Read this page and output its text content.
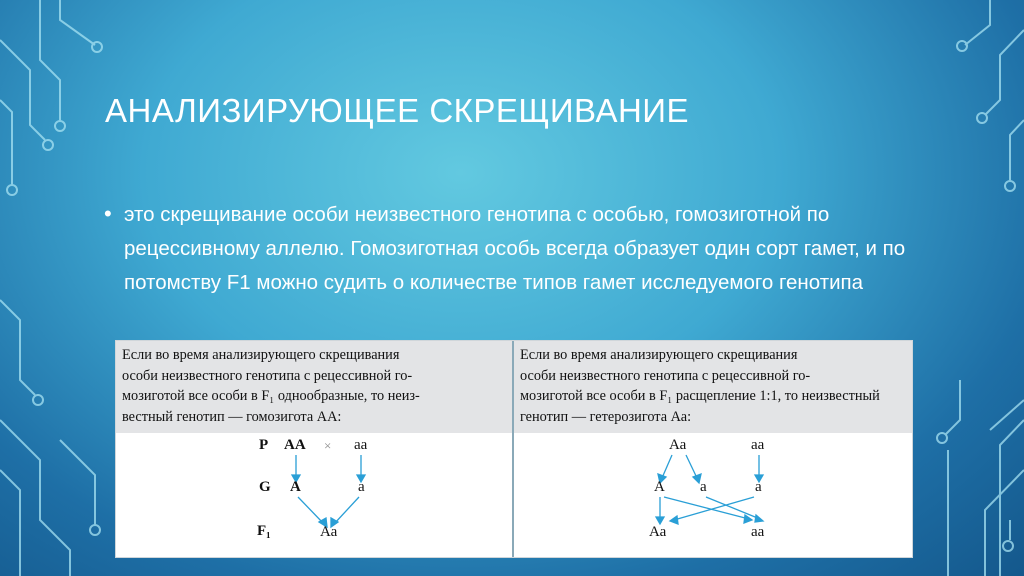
АНАЛИЗИРУЮЩЕЕ СКРЕЩИВАНИЕ
• это скрещивание особи неизвестного генотипа с особью, гомозиготной по рецессивному аллелю. Гомозиготная особь всегда образует один сорт гамет, и по потомству F1 можно судить о количестве типов гамет исследуемого генотипа
Если во время анализирующего скрещивания
особи неизвестного генотипа с рецессивной го-
мозиготой все особи в F₁ однообразные, то неиз-
вестный генотип — гомозигота АА:
P АА × аа
G А	а
F₁	Аа
Если во время анализирующего скрещивания
особи неизвестного генотипа с рецессивной го-
мозиготой все особи в F₁ расщепление 1:1, то неизвестный
генотип — гетерозигота Аа:
Аа	аа
А а	а
Аа	аа
